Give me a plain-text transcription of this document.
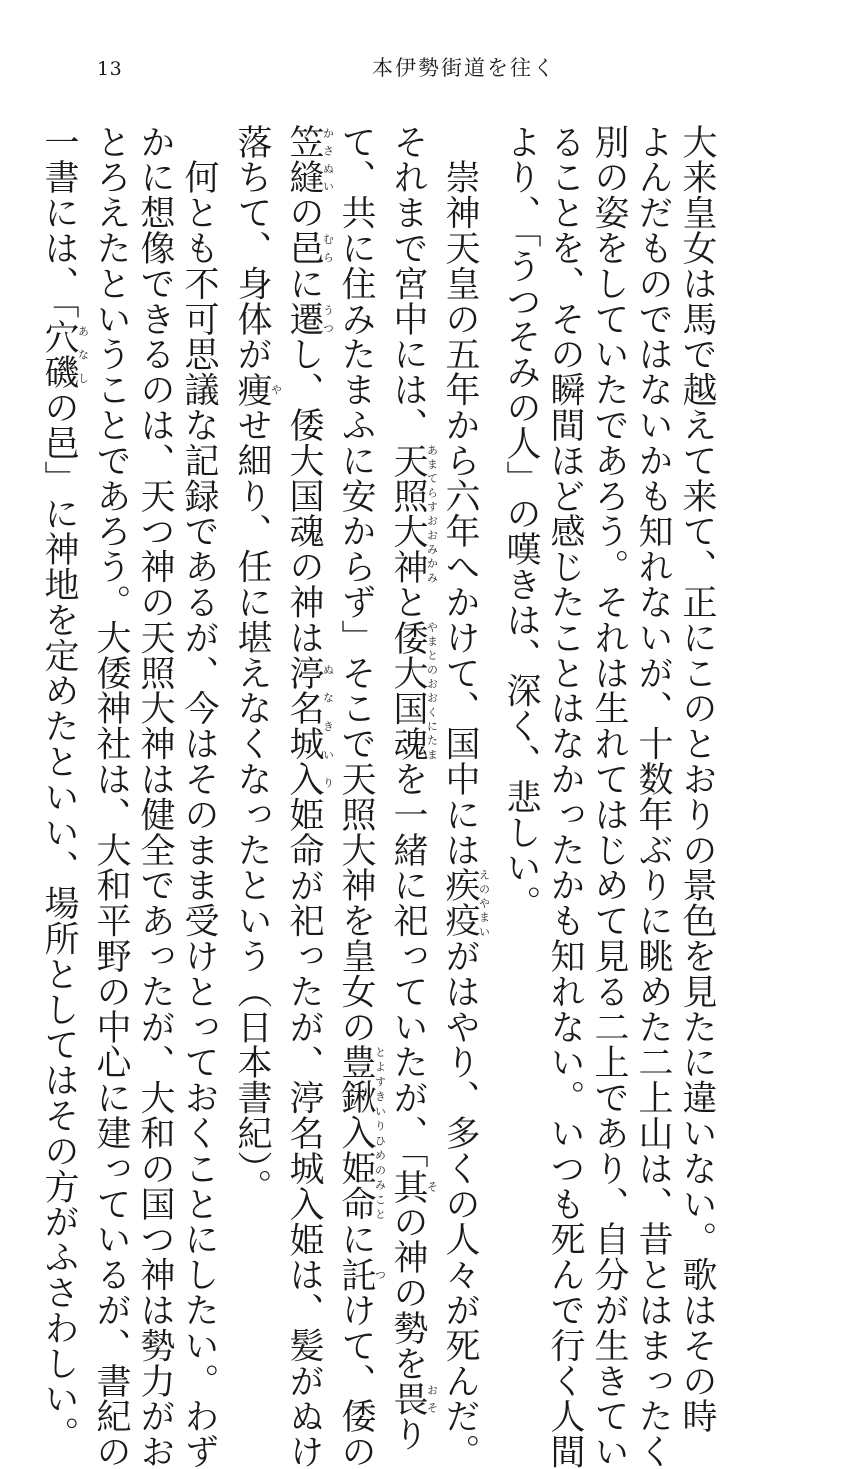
13	本伊勢街道を往く
大来皇女は馬で越えて来て、正にこのとおりの景色を見たに違いない。歌はその時
よんだものではないかも知れないが、十数年ぶりに眺めた二上山は、昔とはまったく
別の姿をしていたであろう。それは生れてはじめて見る二上であり、自分が生きてい
ることを、その瞬間ほど感じたことはなかったかも知れない。いつも死んで行く人間
より、「うつそみの人」の嘆きは、深く、悲しい。
　崇神天皇の五年から六年へかけて、国中には疾疫えのやまいがはやり、多くの人々が死んだ。
それまで宮中には、天照大神あまてらすおおみかみと倭大国魂やまとのおおくにたまを一緒に祀っていたが、「其その神の勢を畏おそり
て、共に住みたまふに安からず」そこで天照大神を皇女の豊鍬入姫命とよすきいりひめのみことに託つけて、倭の
笠縫かさぬいの邑むらに遷うつし、倭大国魂の神は渟名城入ぬなきいり姫命が祀ったが、渟名城入姫は、髪がぬけ
落ちて、身体が痩やせ細り、任に堪えなくなったという（日本書紀）。
　何とも不可思議な記録であるが、今はそのまま受けとっておくことにしたい。わず
かに想像できるのは、天つ神の天照大神は健全であったが、大和の国つ神は勢力がお
とろえたということであろう。大倭神社は、大和平野の中心に建っているが、書紀の
一書には、「穴磯あなしの邑」に神地を定めたといい、場所としてはその方がふさわしい。
